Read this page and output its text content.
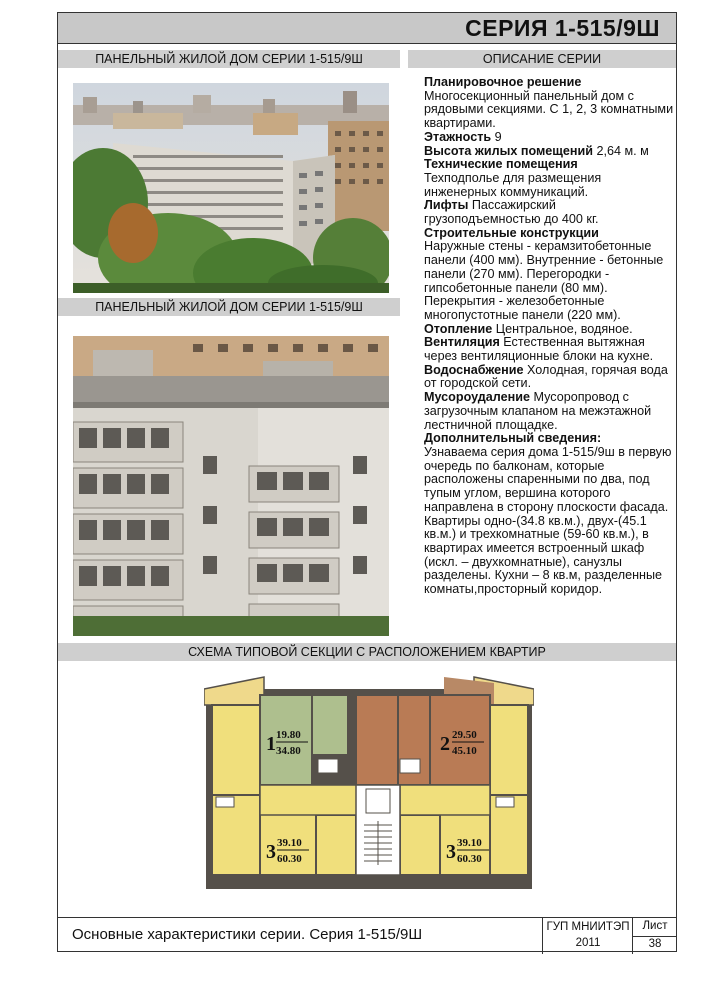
СЕРИЯ 1-515/9Ш
ПАНЕЛЬНЫЙ ЖИЛОЙ ДОМ СЕРИИ 1-515/9Ш	ОПИСАНИЕ СЕРИИ
ПАНЕЛЬНЫЙ ЖИЛОЙ ДОМ СЕРИИ 1-515/9Ш

Планировочное решение
Многосекционный панельный дом с рядовыми секциями. С 1, 2, 3 комнатными квартирами.

Этажность 9

Высота жилых помещений 2,64 м. м

Технические помещения
Техподполье для размещения инженерных коммуникаций.

Лифты Пассажирский грузоподъемностью до 400 кг.

Строительные конструкции
Наружные стены - керамзитобетонные панели (400 мм). Внутренние - бетонные панели (270 мм). Перегородки - гипсобетонные панели (80 мм). Перекрытия - железобетонные многопустотные панели (220 мм).

Отопление Центральное, водяное.

Вентиляция Естественная вытяжная через вентиляционные блоки на кухне.

Водоснабжение Холодная, горячая вода от городской сети.

Мусороудаление Мусоропровод с загрузочным клапаном на межэтажной лестничной площадке.

Дополнительный сведения:
Узнаваема серия дома 1-515/9ш в первую очередь по балконам, которые расположены спаренными по два, под тупым углом, вершина которого направлена в сторону плоскости фасада. Квартиры одно-(34.8 кв.м.), двух-(45.1 кв.м.) и трехкомнатные (59-60 кв.м.), в квартирах имеется встроенный шкаф (искл. – двухкомнатные), санузлы разделены. Кухни – 8 кв.м, разделенные комнаты,просторный коридор.

СХЕМА ТИПОВОЙ СЕКЦИИ С РАСПОЛОЖЕНИЕМ КВАРТИР
1 19.80
34.80	2 29.50
45.10
3 39.10
60.30	3 39.10
60.30
Основные характеристики серии. Серия 1-515/9Ш	ГУП МНИИТЭП
2011
Лист
38
